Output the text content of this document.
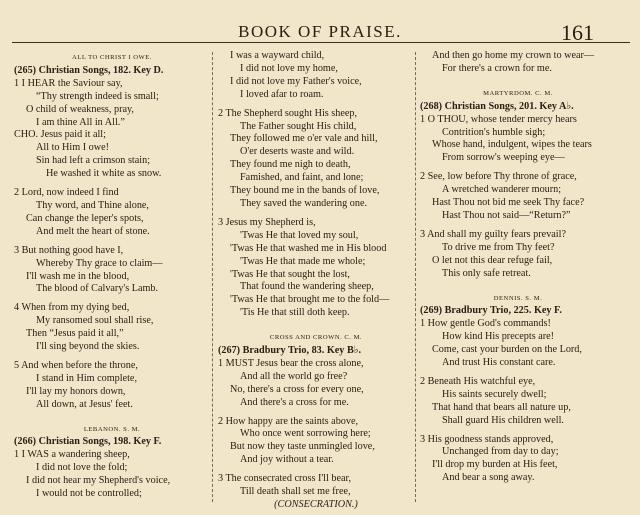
BOOK OF PRAISE.	161
ALL TO CHRIST I OWE.
(265) Christian Songs, 182. Key D.
1 I HEAR the Saviour say,
“Thy strength indeed is small;
O child of weakness, pray,
I am thine All in All.”
CHO. Jesus paid it all;
All to Him I owe!
Sin had left a crimson stain;
He washed it white as snow.
2 Lord, now indeed I find
Thy word, and Thine alone,
Can change the leper's spots,
And melt the heart of stone.
3 But nothing good have I,
Whereby Thy grace to claim—
I'll wash me in the blood,
The blood of Calvary's Lamb.
4 When from my dying bed,
My ransomed soul shall rise,
Then “Jesus paid it all,”
I'll sing beyond the skies.
5 And when before the throne,
I stand in Him complete,
I'll lay my honors down,
All down, at Jesus' feet.
LEBANON. S. M.
(266) Christian Songs, 198. Key F.
1 I WAS a wandering sheep,
I did not love the fold;
I did not hear my Shepherd's voice,
I would not be controlled;
I was a wayward child,
I did not love my home,
I did not love my Father's voice,
I loved afar to roam.
2 The Shepherd sought His sheep,
The Father sought His child,
They followed me o'er vale and hill,
O'er deserts waste and wild.
They found me nigh to death,
Famished, and faint, and lone;
They bound me in the bands of love,
They saved the wandering one.
3 Jesus my Shepherd is,
'Twas He that loved my soul,
'Twas He that washed me in His blood
'Twas He that made me whole;
'Twas He that sought the lost,
That found the wandering sheep,
'Twas He that brought me to the fold—
'Tis He that still doth keep.
CROSS AND CROWN. C. M.
(267) Bradbury Trio, 83. Key B♭.
1 MUST Jesus bear the cross alone,
And all the world go free?
No, there's a cross for every one,
And there's a cross for me.
2 How happy are the saints above,
Who once went sorrowing here;
But now they taste unmingled love,
And joy without a tear.
3 The consecrated cross I'll bear,
Till death shall set me free,
(CONSECRATION.)
And then go home my crown to wear—
For there's a crown for me.
MARTYRDOM. C. M.
(268) Christian Songs, 201. Key A♭.
1 O THOU, whose tender mercy hears
Contrition's humble sigh;
Whose hand, indulgent, wipes the tears
From sorrow's weeping eye—
2 See, low before Thy throne of grace,
A wretched wanderer mourn;
Hast Thou not bid me seek Thy face?
Hast Thou not said—“Return?”
3 And shall my guilty fears prevail?
To drive me from Thy feet?
O let not this dear refuge fail,
This only safe retreat.
DENNIS. S. M.
(269) Bradbury Trio, 225. Key F.
1 How gentle God's commands!
How kind His precepts are!
Come, cast your burden on the Lord,
And trust His constant care.
2 Beneath His watchful eye,
His saints securely dwell;
That hand that bears all nature up,
Shall guard His children well.
3 His goodness stands approved,
Unchanged from day to day;
I'll drop my burden at His feet,
And bear a song away.
